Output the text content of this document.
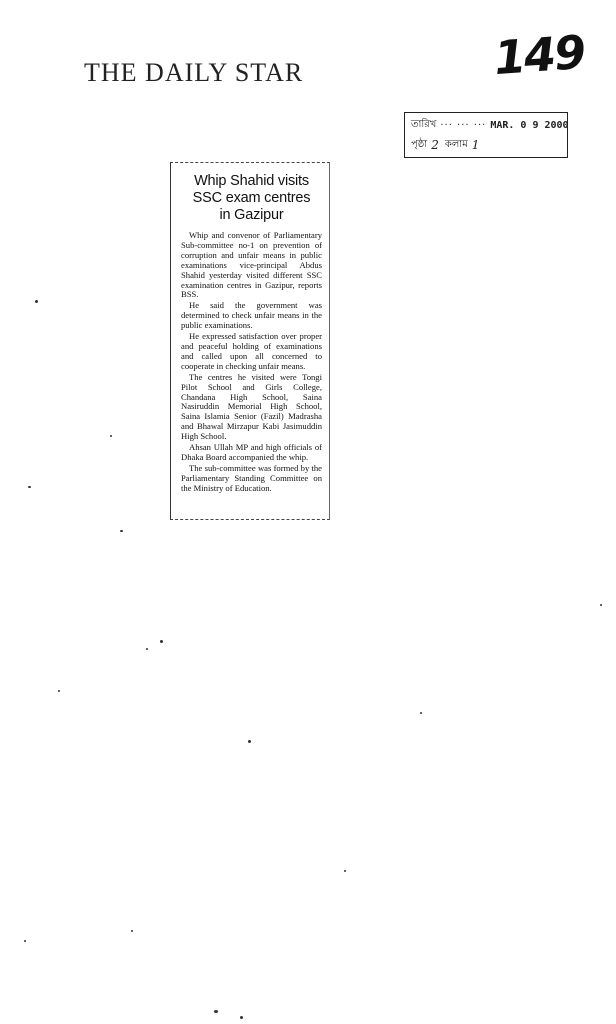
THE DAILY STAR	149
তারিখ ··· ··· ··· MAR. 0 9 2000
পৃষ্ঠা 2 কলাম 1
Whip Shahid visits
SSC exam centres
in Gazipur

Whip and convenor of Parliamentary Sub-committee no-1 on prevention of corruption and unfair means in public examinations vice-principal Abdus Shahid yesterday visited different SSC examination centres in Gazipur, reports BSS.

He said the government was determined to check unfair means in the public examinations.

He expressed satisfaction over proper and peaceful holding of examinations and called upon all concerned to cooperate in checking unfair means.

The centres he visited were Tongi Pilot School and Girls College, Chandana High School, Saina Nasiruddin Memorial High School, Saina Islamia Senior (Fazil) Madrasha and Bhawal Mirzapur Kabi Jasimuddin High School.

Ahsan Ullah MP and high officials of Dhaka Board accompanied the whip.

The sub-committee was formed by the Parliamentary Standing Committee on the Ministry of Education.
